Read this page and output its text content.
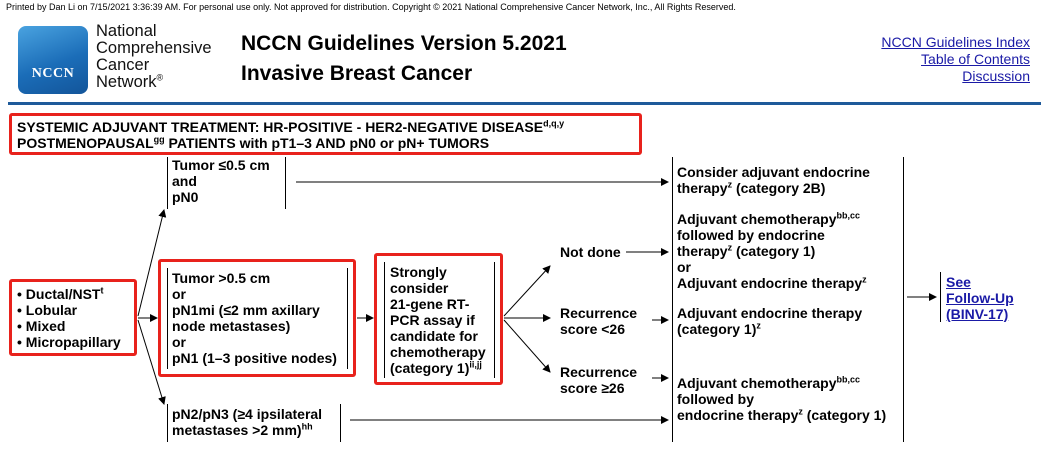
Printed by Dan Li on 7/15/2021 3:36:39 AM. For personal use only. Not approved for distribution. Copyright © 2021 National Comprehensive Cancer Network, Inc., All Rights Reserved.
NCCN
National
Comprehensive
Cancer
Network®
NCCN Guidelines Version 5.2021
Invasive Breast Cancer
NCCN Guidelines Index
Table of Contents
Discussion
SYSTEMIC ADJUVANT TREATMENT: HR-POSITIVE - HER2-NEGATIVE DISEASE$^{d,q,y}$
$POSTMENOPAUSAL^{gg}$ PATIENTS with pT1–3 AND pN0 or pN+ TUMORS
• Ductal/NST$^t$
• Lobular
• Mixed
• Micropapillary
Tumor ≤0.5 cm
and
pN0
Tumor >0.5 cm
or
pN1mi (≤2 mm axillary
node metastases)
or
pN1 (1–3 positive nodes)
pN2/pN3 (≥4 ipsilateral
metastases >2 mm)$^{hh}$
Strongly
consider
21-gene RT-
PCR assay if
candidate for
chemotherapy
(category 1)$^{ii,jj}$
Not done
Recurrence
score <26
Recurrence
score ≥26
Consider adjuvant endocrine
therapy$^z$ (category 2B)
Adjuvant chemotherapy$^{bb,cc}$
followed by endocrine
therapy$^z$ (category 1)
or
Adjuvant endocrine therapy$^z$
Adjuvant endocrine therapy
(category 1)$^z$
Adjuvant chemotherapy$^{bb,cc}$
followed by
endocrine therapy$^z$ (category 1)
See
Follow-Up
(BINV-17)
